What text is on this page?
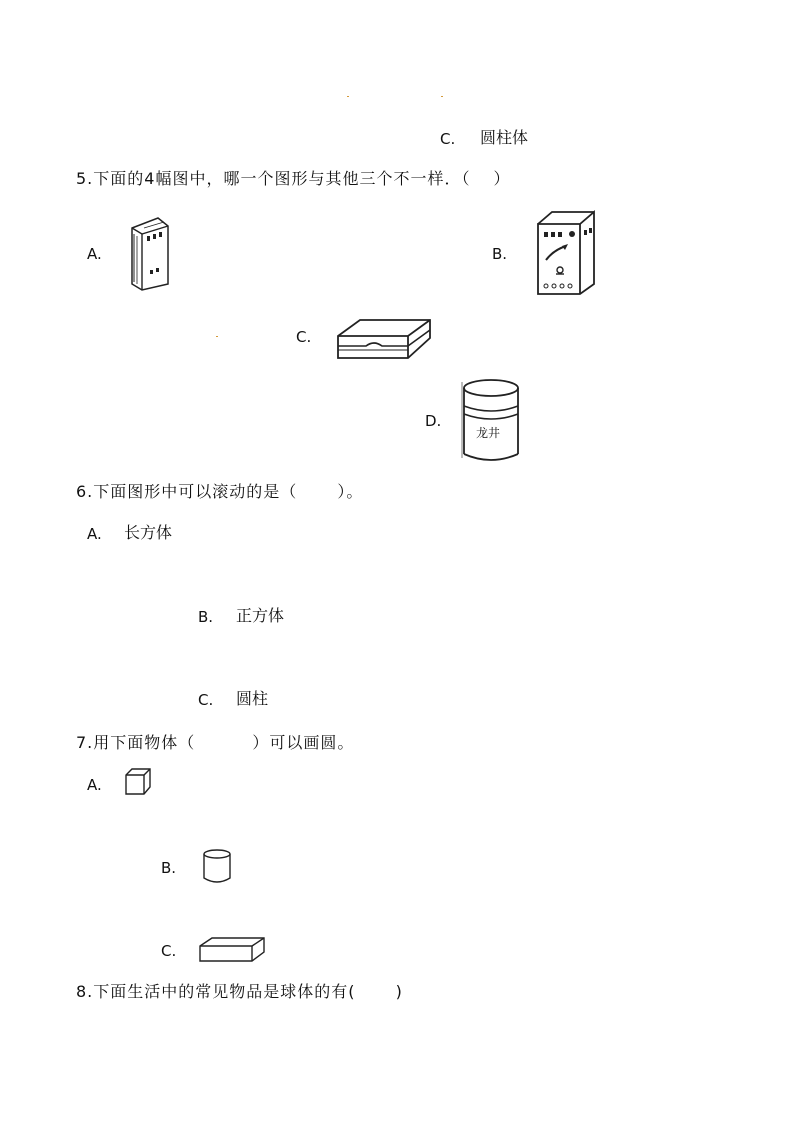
C. 圆柱体
5.下面的4幅图中，哪一个图形与其他三个不一样．（　 ）
A.	B.
C.
D.
龙井
6.下面图形中可以滚动的是（　　 ）。
A. 长方体
B. 正方体
C. 圆柱
7.用下面物体（　　　 ）可以画圆。
A.
B.
C.
8.下面生活中的常见物品是球体的有(　　 )
